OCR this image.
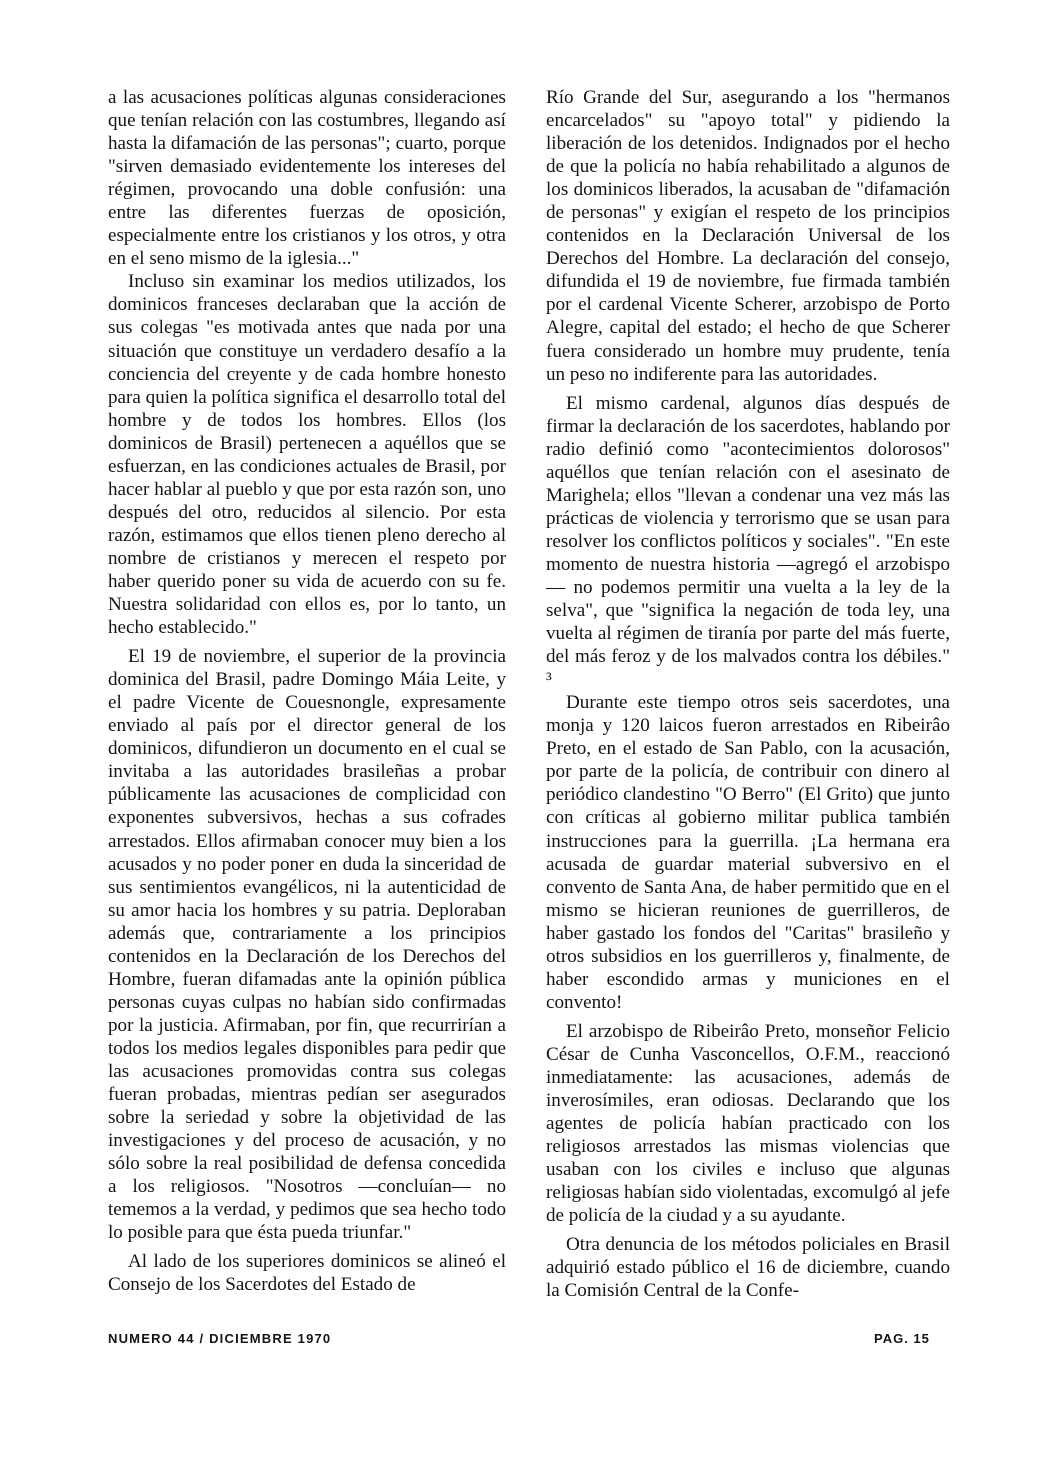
a las acusaciones políticas algunas consideraciones que tenían relación con las costumbres, llegando así hasta la difamación de las personas"; cuarto, porque "sirven demasiado evidentemente los intereses del régimen, provocando una doble confusión: una entre las diferentes fuerzas de oposición, especialmente entre los cristianos y los otros, y otra en el seno mismo de la iglesia..."

Incluso sin examinar los medios utilizados, los dominicos franceses declaraban que la acción de sus colegas "es motivada antes que nada por una situación que constituye un verdadero desafío a la conciencia del creyente y de cada hombre honesto para quien la política significa el desarrollo total del hombre y de todos los hombres. Ellos (los dominicos de Brasil) pertenecen a aquéllos que se esfuerzan, en las condiciones actuales de Brasil, por hacer hablar al pueblo y que por esta razón son, uno después del otro, reducidos al silencio. Por esta razón, estimamos que ellos tienen pleno derecho al nombre de cristianos y merecen el respeto por haber querido poner su vida de acuerdo con su fe. Nuestra solidaridad con ellos es, por lo tanto, un hecho establecido."

El 19 de noviembre, el superior de la provincia dominica del Brasil, padre Domingo Máia Leite, y el padre Vicente de Couesnongle, expresamente enviado al país por el director general de los dominicos, difundieron un documento en el cual se invitaba a las autoridades brasileñas a probar públicamente las acusaciones de complicidad con exponentes subversivos, hechas a sus cofrades arrestados. Ellos afirmaban conocer muy bien a los acusados y no poder poner en duda la sinceridad de sus sentimientos evangélicos, ni la autenticidad de su amor hacia los hombres y su patria. Deploraban además que, contrariamente a los principios contenidos en la Declaración de los Derechos del Hombre, fueran difamadas ante la opinión pública personas cuyas culpas no habían sido confirmadas por la justicia. Afirmaban, por fin, que recurrirían a todos los medios legales disponibles para pedir que las acusaciones promovidas contra sus colegas fueran probadas, mientras pedían ser asegurados sobre la seriedad y sobre la objetividad de las investigaciones y del proceso de acusación, y no sólo sobre la real posibilidad de defensa concedida a los religiosos. "Nosotros —concluían— no tememos a la verdad, y pedimos que sea hecho todo lo posible para que ésta pueda triunfar."

Al lado de los superiores dominicos se alineó el Consejo de los Sacerdotes del Estado de

Río Grande del Sur, asegurando a los "hermanos encarcelados" su "apoyo total" y pidiendo la liberación de los detenidos. Indignados por el hecho de que la policía no había rehabilitado a algunos de los dominicos liberados, la acusaban de "difamación de personas" y exigían el respeto de los principios contenidos en la Declaración Universal de los Derechos del Hombre. La declaración del consejo, difundida el 19 de noviembre, fue firmada también por el cardenal Vicente Scherer, arzobispo de Porto Alegre, capital del estado; el hecho de que Scherer fuera considerado un hombre muy prudente, tenía un peso no indiferente para las autoridades.

El mismo cardenal, algunos días después de firmar la declaración de los sacerdotes, hablando por radio definió como "acontecimientos dolorosos" aquéllos que tenían relación con el asesinato de Marighela; ellos "llevan a condenar una vez más las prácticas de violencia y terrorismo que se usan para resolver los conflictos políticos y sociales". "En este momento de nuestra historia —agregó el arzobispo— no podemos permitir una vuelta a la ley de la selva", que "significa la negación de toda ley, una vuelta al régimen de tiranía por parte del más fuerte, del más feroz y de los malvados contra los débiles." ³

Durante este tiempo otros seis sacerdotes, una monja y 120 laicos fueron arrestados en Ribeirâo Preto, en el estado de San Pablo, con la acusación, por parte de la policía, de contribuir con dinero al periódico clandestino "O Berro" (El Grito) que junto con críticas al gobierno militar publica también instrucciones para la guerrilla. ¡La hermana era acusada de guardar material subversivo en el convento de Santa Ana, de haber permitido que en el mismo se hicieran reuniones de guerrilleros, de haber gastado los fondos del "Caritas" brasileño y otros subsidios en los guerrilleros y, finalmente, de haber escondido armas y municiones en el convento!

El arzobispo de Ribeirâo Preto, monseñor Felicio César de Cunha Vasconcellos, O.F.M., reaccionó inmediatamente: las acusaciones, además de inverosímiles, eran odiosas. Declarando que los agentes de policía habían practicado con los religiosos arrestados las mismas violencias que usaban con los civiles e incluso que algunas religiosas habían sido violentadas, excomulgó al jefe de policía de la ciudad y a su ayudante.

Otra denuncia de los métodos policiales en Brasil adquirió estado público el 16 de diciembre, cuando la Comisión Central de la Confe-

NUMERO 44 / DICIEMBRE 1970	PAG. 15
